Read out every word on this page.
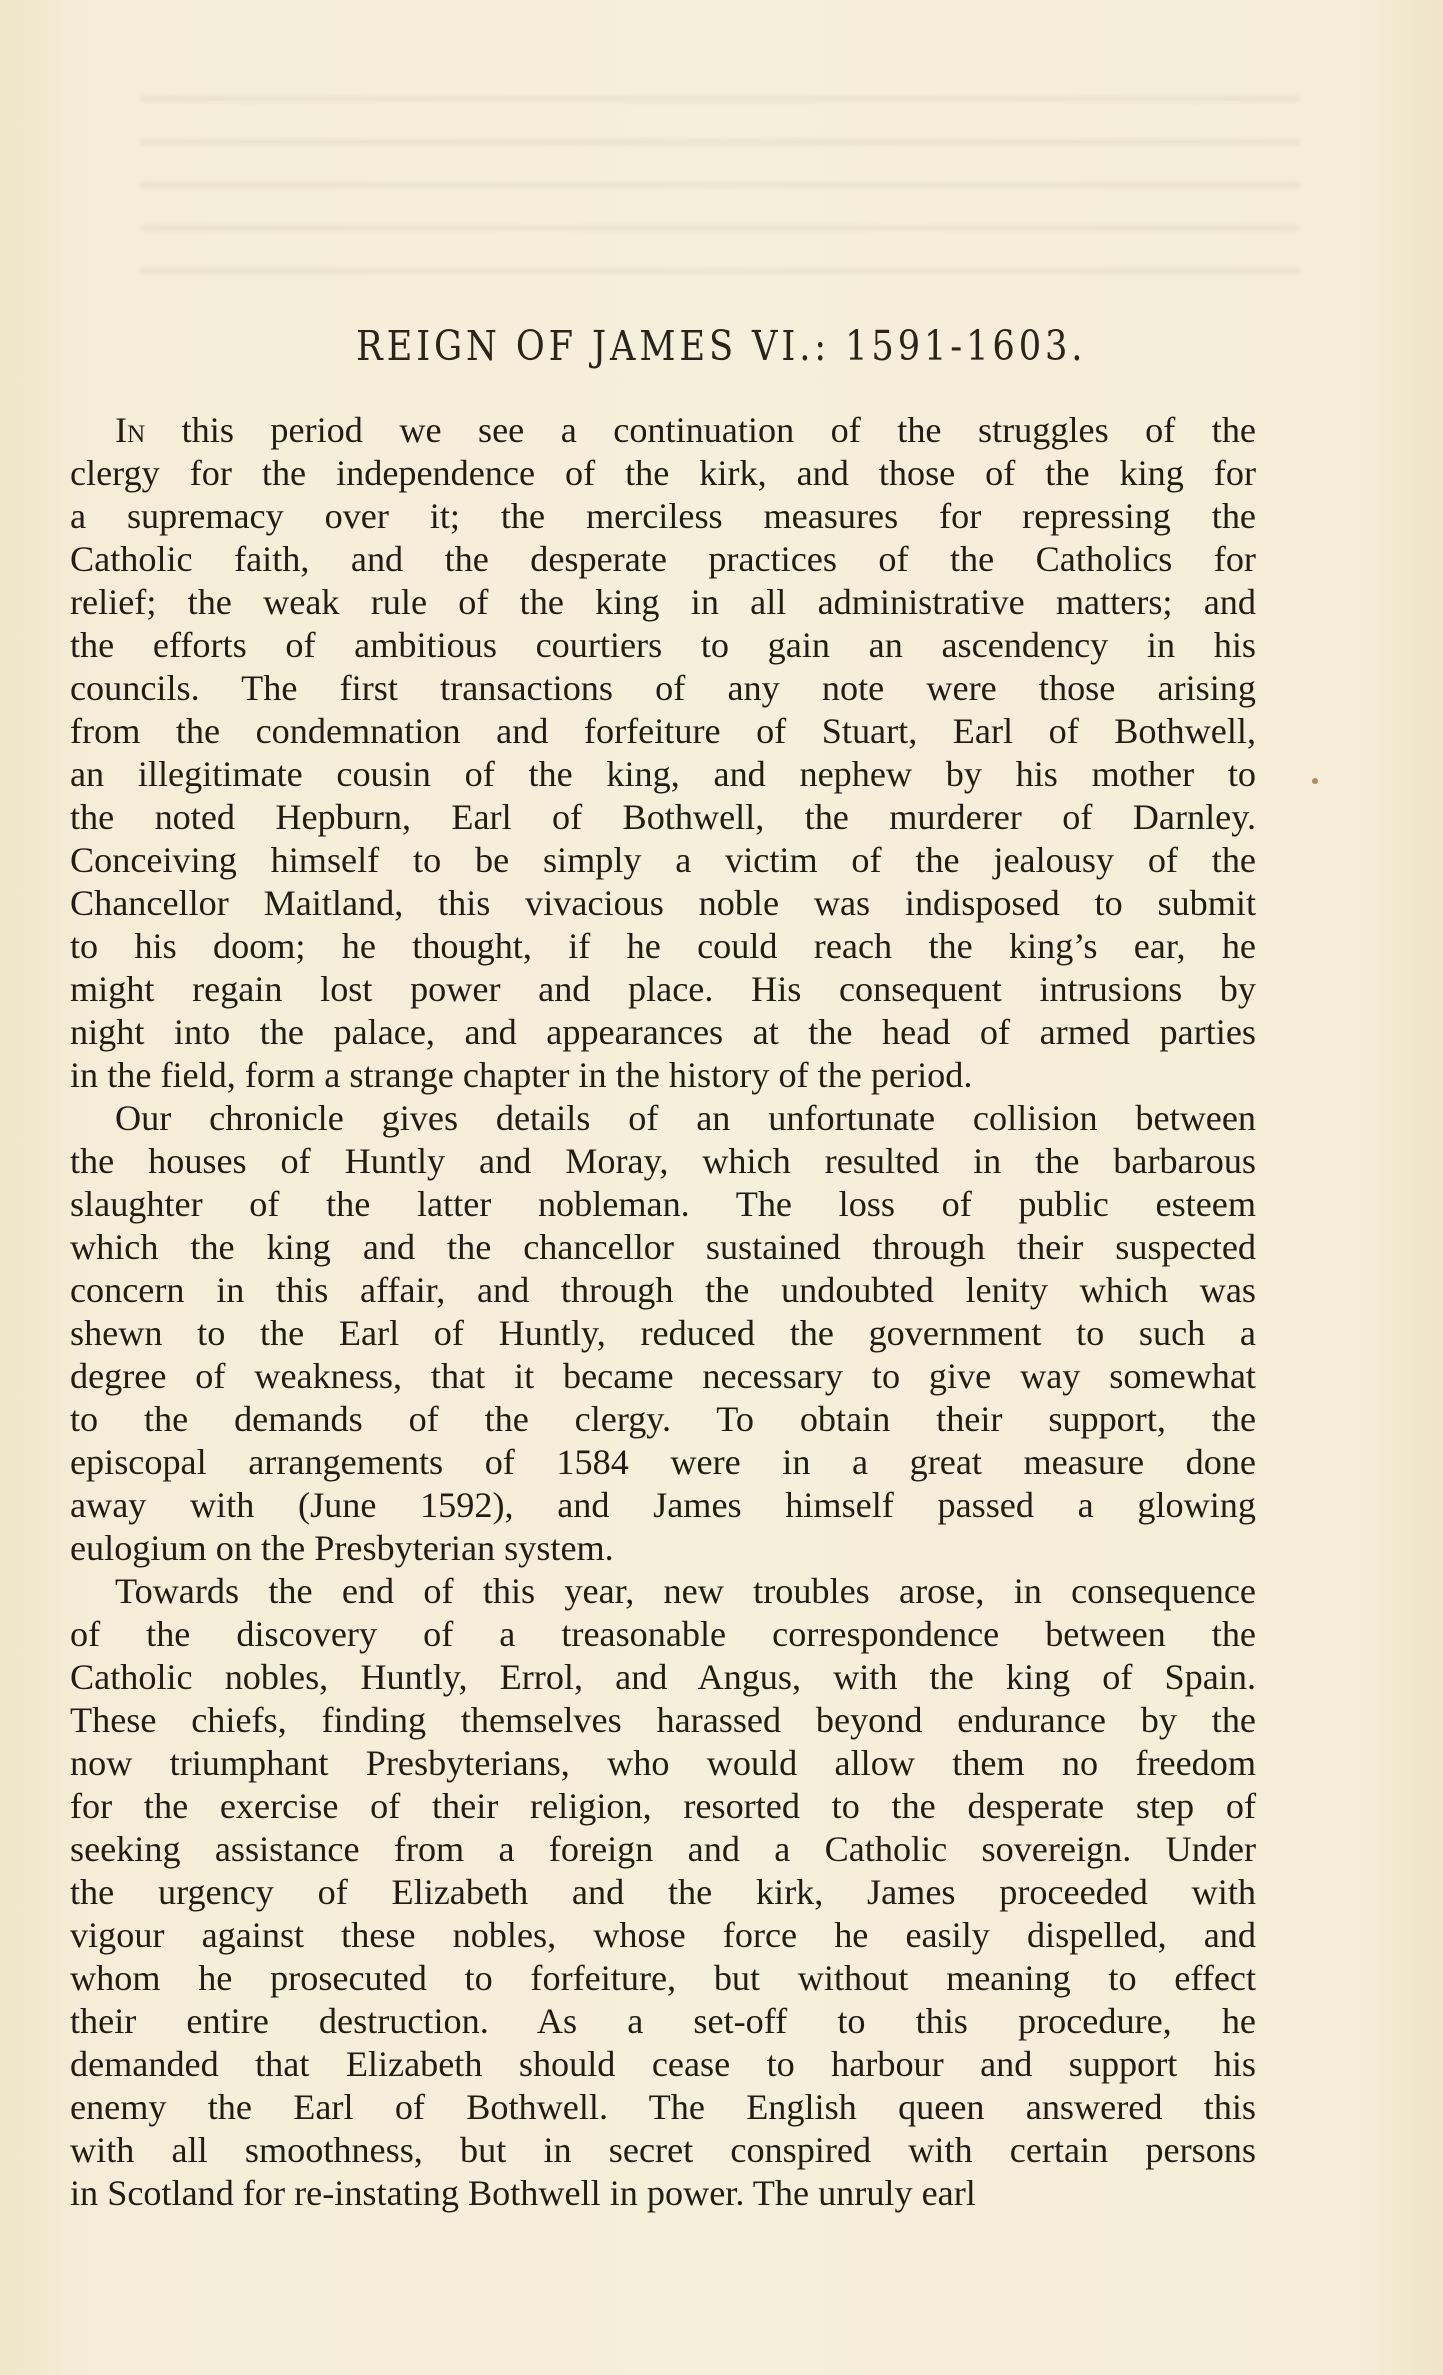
REIGN OF JAMES VI.: 1591-1603.
In this period we see a continuation of the struggles of the
clergy for the independence of the kirk, and those of the king for
a supremacy over it; the merciless measures for repressing the
Catholic faith, and the desperate practices of the Catholics for
relief; the weak rule of the king in all administrative matters; and
the efforts of ambitious courtiers to gain an ascendency in his
councils. The first transactions of any note were those arising
from the condemnation and forfeiture of Stuart, Earl of Bothwell,
an illegitimate cousin of the king, and nephew by his mother to
the noted Hepburn, Earl of Bothwell, the murderer of Darnley.
Conceiving himself to be simply a victim of the jealousy of the
Chancellor Maitland, this vivacious noble was indisposed to submit
to his doom; he thought, if he could reach the king’s ear, he
might regain lost power and place. His consequent intrusions by
night into the palace, and appearances at the head of armed parties
in the field, form a strange chapter in the history of the period.
Our chronicle gives details of an unfortunate collision between
the houses of Huntly and Moray, which resulted in the barbarous
slaughter of the latter nobleman. The loss of public esteem
which the king and the chancellor sustained through their suspected
concern in this affair, and through the undoubted lenity which was
shewn to the Earl of Huntly, reduced the government to such a
degree of weakness, that it became necessary to give way somewhat
to the demands of the clergy. To obtain their support, the
episcopal arrangements of 1584 were in a great measure done
away with (June 1592), and James himself passed a glowing
eulogium on the Presbyterian system.
Towards the end of this year, new troubles arose, in consequence
of the discovery of a treasonable correspondence between the
Catholic nobles, Huntly, Errol, and Angus, with the king of Spain.
These chiefs, finding themselves harassed beyond endurance by the
now triumphant Presbyterians, who would allow them no freedom
for the exercise of their religion, resorted to the desperate step of
seeking assistance from a foreign and a Catholic sovereign. Under
the urgency of Elizabeth and the kirk, James proceeded with
vigour against these nobles, whose force he easily dispelled, and
whom he prosecuted to forfeiture, but without meaning to effect
their entire destruction. As a set-off to this procedure, he
demanded that Elizabeth should cease to harbour and support his
enemy the Earl of Bothwell. The English queen answered this
with all smoothness, but in secret conspired with certain persons
in Scotland for re-instating Bothwell in power. The unruly earl
